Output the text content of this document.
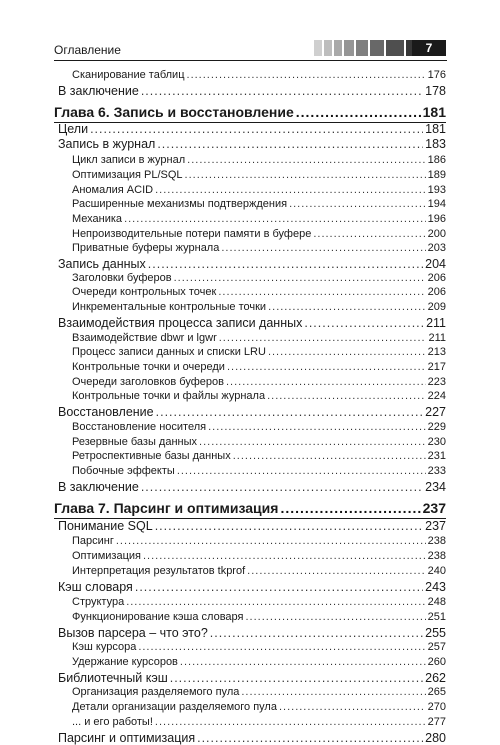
Оглавление	7
Сканирование таблиц .....	176
В заключение .....	178
Глава 6. Запись и восстановление .....	181
Цели .....	181
Запись в журнал .....	183
Цикл записи в журнал .....	186
Оптимизация PL/SQL .....	189
Аномалия ACID .....	193
Расширенные механизмы подтверждения .....	194
Механика .....	196
Непроизводительные потери памяти в буфере .....	200
Приватные буферы журнала .....	203
Запись данных .....	204
Заголовки буферов .....	206
Очереди контрольных точек .....	206
Инкрементальные контрольные точки .....	209
Взаимодействия процесса записи данных .....	211
Взаимодействие dbwr и lgwr .....	211
Процесс записи данных и списки LRU .....	213
Контрольные точки и очереди .....	217
Очереди заголовков буферов .....	223
Контрольные точки и файлы журнала .....	224
Восстановление .....	227
Восстановление носителя .....	229
Резервные базы данных .....	230
Ретроспективные базы данных .....	231
Побочные эффекты .....	233
В заключение .....	234
Глава 7. Парсинг и оптимизация .....	237
Понимание SQL .....	237
Парсинг .....	238
Оптимизация .....	238
Интерпретация результатов tkprof .....	240
Кэш словаря .....	243
Структура .....	248
Функционирование кэша словаря .....	251
Вызов парсера – что это? .....	255
Кэш курсора .....	257
Удержание курсоров .....	260
Библиотечный кэш .....	262
Организация разделяемого пула .....	265
Детали организации разделяемого пула .....	270
... и его работы! .....	277
Парсинг и оптимизация .....	280
